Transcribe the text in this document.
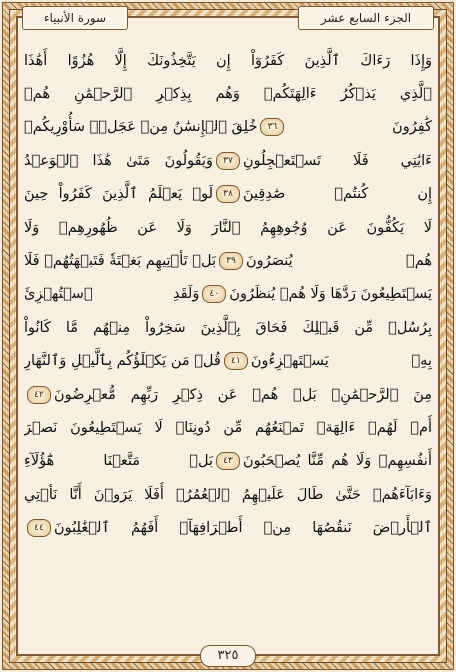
سورة الأنبياء	الجزء السابع عشر
وَإِذَا رَءَاكَ ٱلَّذِينَ كَفَرُوٓاْ إِن يَتَّخِذُونَكَ إِلَّا هُزُوًا أَهَٰذَا
ٱلَّذِي يَذۡكُرُ ءَالِهَتَكُمۡ وَهُم بِذِكۡرِ ٱلرَّحۡمَٰنِ هُمۡ
كَٰفِرُونَ
٣٦
خُلِقَ ٱلۡإِنسَٰنُ مِنۡ عَجَلٖۚ سَأُوْرِيكُمۡ
ءَايَٰتِي فَلَا تَسۡتَعۡجِلُونِ
٣٧
وَيَقُولُونَ مَتَىٰ هَٰذَا ٱلۡوَعۡدُ
إِن كُنتُمۡ صَٰدِقِينَ
٣٨
لَوۡ يَعۡلَمُ ٱلَّذِينَ كَفَرُواْ حِينَ
لَا يَكُفُّونَ عَن وُجُوهِهِمُ ٱلنَّارَ وَلَا عَن ظُهُورِهِمۡ وَلَا
هُمۡ يُنصَرُونَ
٣٩
بَلۡ تَأۡتِيهِم بَغۡتَةٗ فَتَبۡهَتُهُمۡ فَلَا
يَسۡتَطِيعُونَ رَدَّهَا وَلَا هُمۡ يُنظَرُونَ
٤٠
وَلَقَدِ ٱسۡتُهۡزِئَ
بِرُسُلٖ مِّن قَبۡلِكَ فَحَاقَ بِٱلَّذِينَ سَخِرُواْ مِنۡهُم مَّا كَانُواْ
بِهِۦ يَسۡتَهۡزِءُونَ
٤١
قُلۡ مَن يَكۡلَؤُكُم بِٱلَّيۡلِ وَٱلنَّهَارِ
مِنَ ٱلرَّحۡمَٰنِۚ بَلۡ هُمۡ عَن ذِكۡرِ رَبِّهِم مُّعۡرِضُونَ
٤٢
أَمۡ لَهُمۡ ءَالِهَةٞ تَمۡنَعُهُم مِّن دُونِنَاۚ لَا يَسۡتَطِيعُونَ نَصۡرَ
أَنفُسِهِمۡ وَلَا هُم مِّنَّا يُصۡحَبُونَ
٤٣
بَلۡ مَتَّعۡنَا هَٰٓؤُلَآءِ
وَءَابَآءَهُمۡ حَتَّىٰ طَالَ عَلَيۡهِمُ ٱلۡعُمُرُۗ أَفَلَا يَرَوۡنَ أَنَّا نَأۡتِي
ٱلۡأَرۡضَ نَنقُصُهَا مِنۡ أَطۡرَافِهَآۚ أَفَهُمُ ٱلۡغَٰلِبُونَ
٤٤
٣٢٥
